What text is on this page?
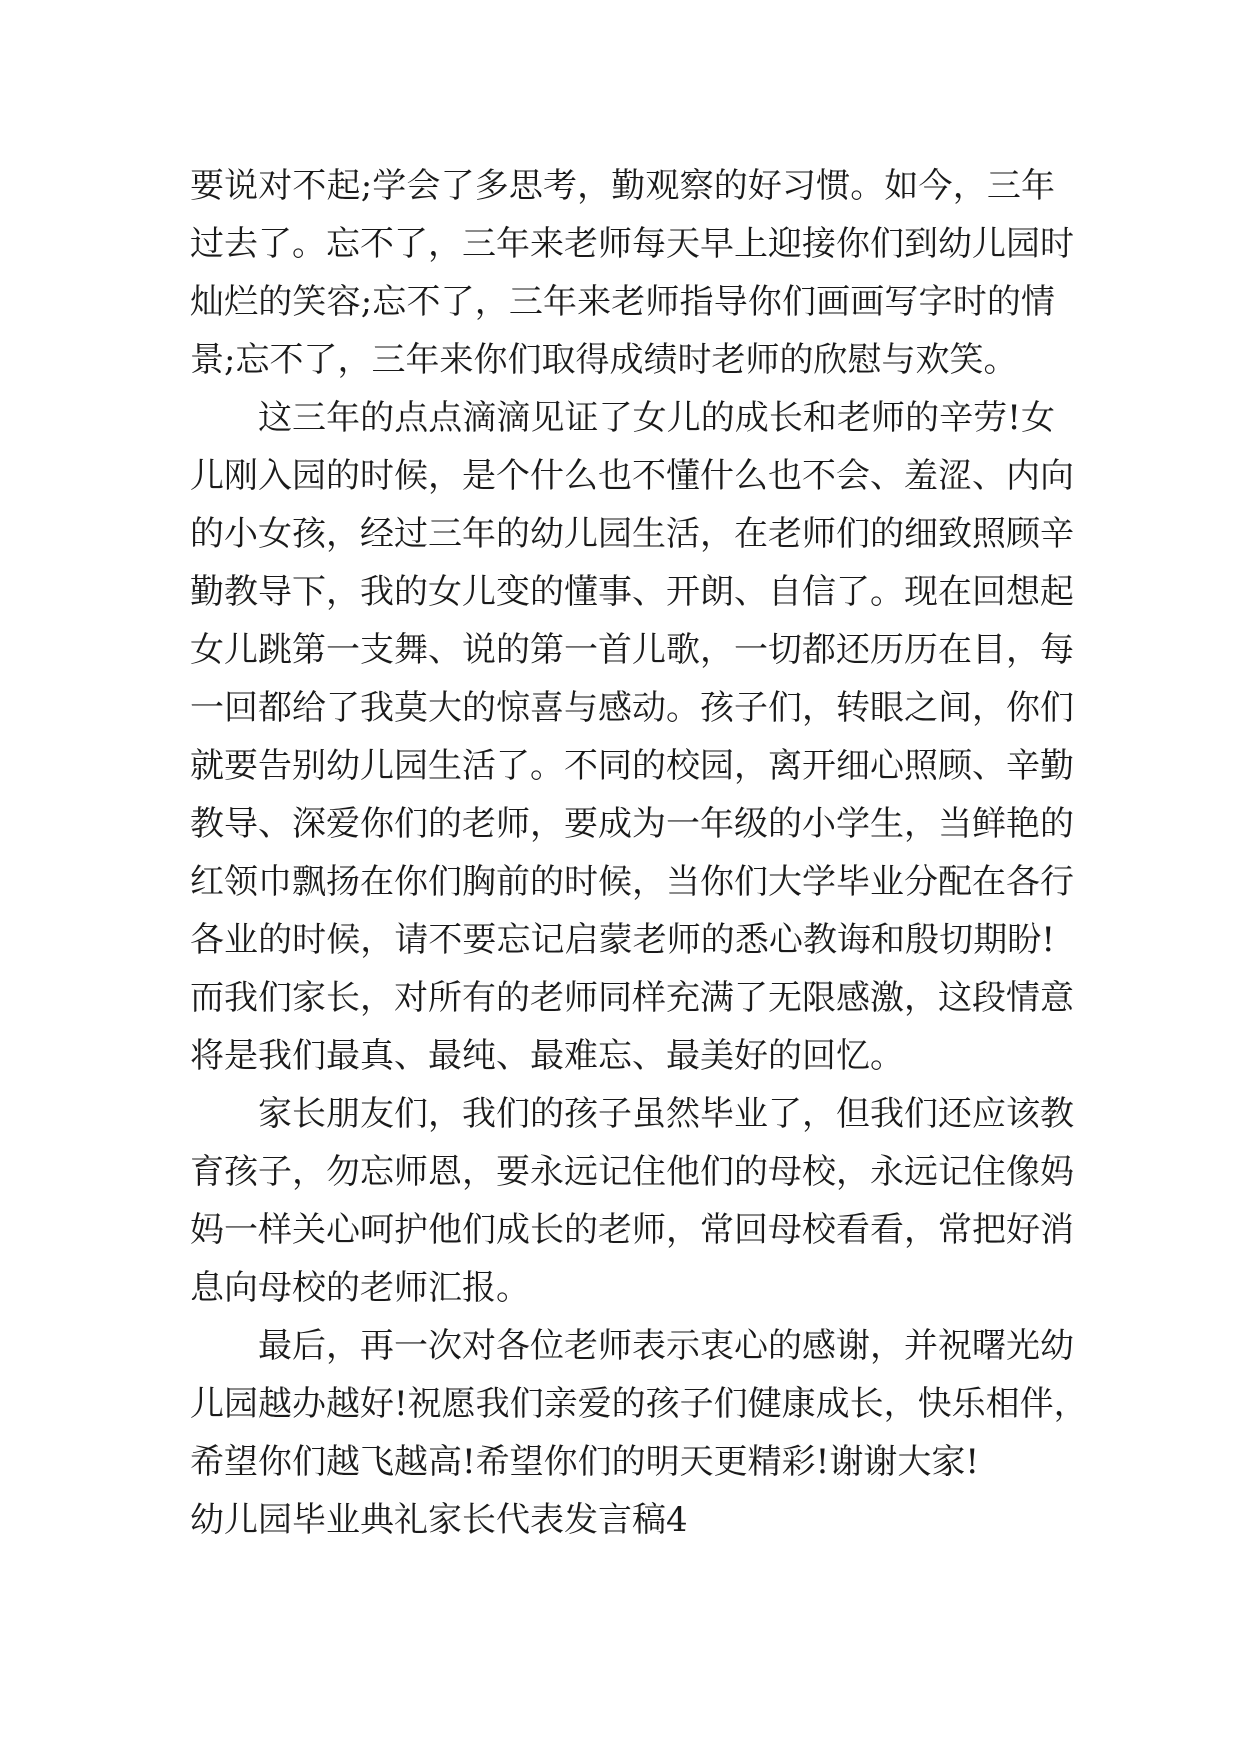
要说对不起;学会了多思考，勤观察的好习惯。如今，三年
过去了。忘不了，三年来老师每天早上迎接你们到幼儿园时
灿烂的笑容;忘不了，三年来老师指导你们画画写字时的情
景;忘不了，三年来你们取得成绩时老师的欣慰与欢笑。
这三年的点点滴滴见证了女儿的成长和老师的辛劳!女
儿刚入园的时候，是个什么也不懂什么也不会、羞涩、内向
的小女孩，经过三年的幼儿园生活，在老师们的细致照顾辛
勤教导下，我的女儿变的懂事、开朗、自信了。现在回想起
女儿跳第一支舞、说的第一首儿歌，一切都还历历在目，每
一回都给了我莫大的惊喜与感动。孩子们，转眼之间，你们
就要告别幼儿园生活了。不同的校园，离开细心照顾、辛勤
教导、深爱你们的老师，要成为一年级的小学生，当鲜艳的
红领巾飘扬在你们胸前的时候，当你们大学毕业分配在各行
各业的时候，请不要忘记启蒙老师的悉心教诲和殷切期盼!
而我们家长，对所有的老师同样充满了无限感激，这段情意
将是我们最真、最纯、最难忘、最美好的回忆。
家长朋友们，我们的孩子虽然毕业了，但我们还应该教
育孩子，勿忘师恩，要永远记住他们的母校，永远记住像妈
妈一样关心呵护他们成长的老师，常回母校看看，常把好消
息向母校的老师汇报。
最后，再一次对各位老师表示衷心的感谢，并祝曙光幼
儿园越办越好!祝愿我们亲爱的孩子们健康成长，快乐相伴，
希望你们越飞越高!希望你们的明天更精彩!谢谢大家!
幼儿园毕业典礼家长代表发言稿4
